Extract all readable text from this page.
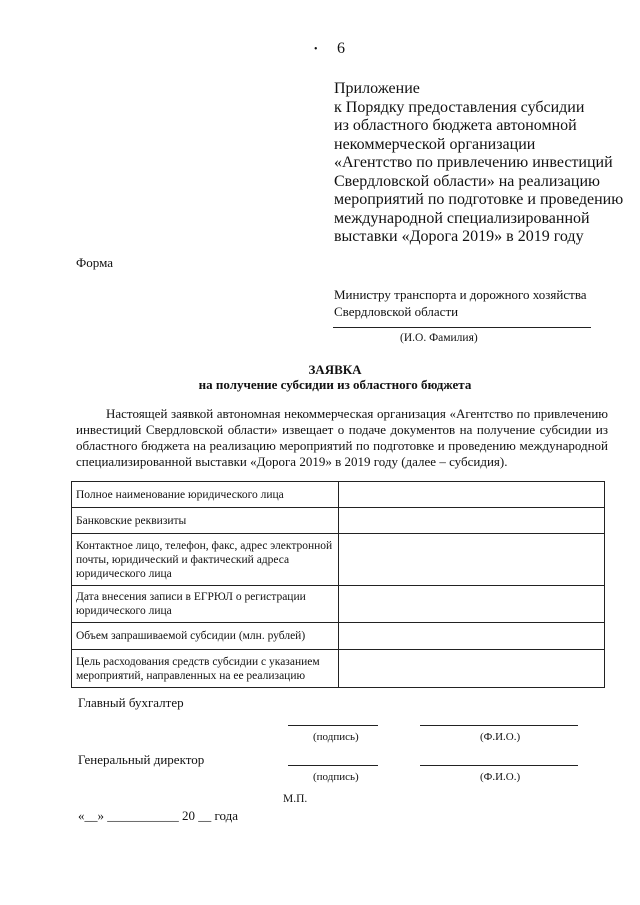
• 6
Приложение
к Порядку предоставления субсидии
из областного бюджета автономной
некоммерческой организации
«Агентство по привлечению инвестиций
Свердловской области» на реализацию
мероприятий по подготовке и проведению
международной специализированной
выставки «Дорога 2019» в 2019 году
Форма
Министру транспорта и дорожного хозяйства
Свердловской области
(И.О. Фамилия)
ЗАЯВКА
на получение субсидии из областного бюджета
Настоящей заявкой автономная некоммерческая организация «Агентство по привлечению инвестиций Свердловской области» извещает о подаче документов на получение субсидии из областного бюджета на реализацию мероприятий по подготовке и проведению международной специализированной выставки «Дорога 2019» в 2019 году (далее – субсидия).
Полное наименование юридического лица	
Банковские реквизиты	
Контактное лицо, телефон, факс, адрес электронной почты, юридический и фактический адреса юридического лица	
Дата внесения записи в ЕГРЮЛ о регистрации юридического лица	
Объем запрашиваемой субсидии (млн. рублей)	
Цель расходования средств субсидии с указанием мероприятий, направленных на ее реализацию	
Главный бухгалтер
(подпись)	(Ф.И.О.)
Генеральный директор
(подпись)	(Ф.И.О.)
М.П.
«__» ___________ 20 __ года
